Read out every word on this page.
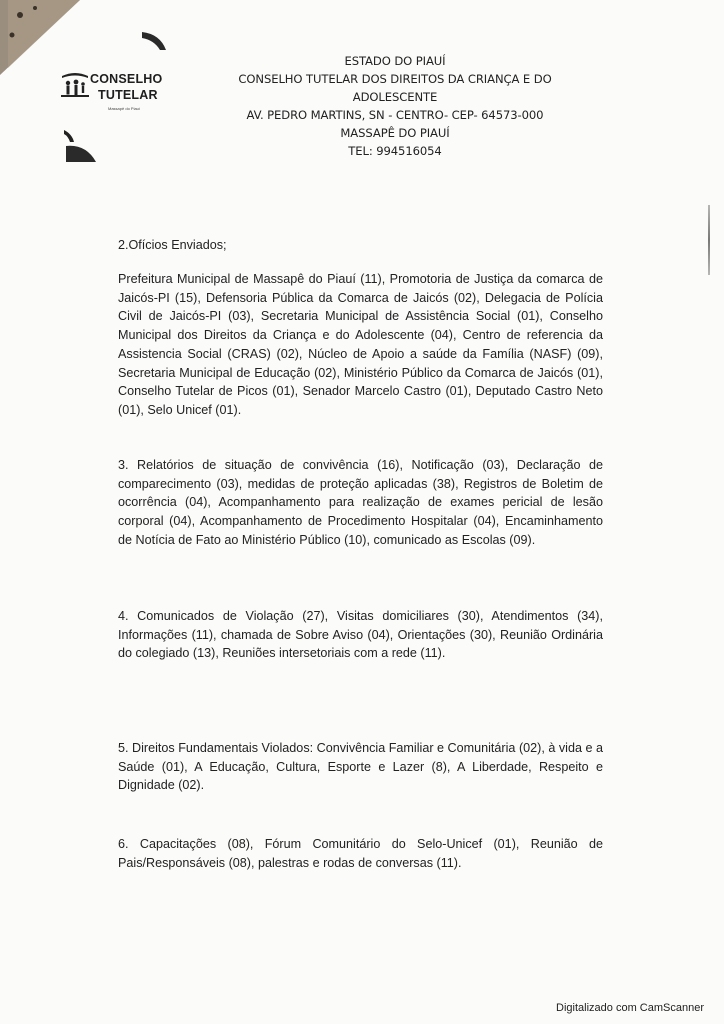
CONSELHO
TUTELAR
Massapê do Piauí
ESTADO DO PIAUÍ
CONSELHO TUTELAR DOS DIREITOS DA CRIANÇA E DO ADOLESCENTE
AV. PEDRO MARTINS, SN - CENTRO- CEP- 64573-000
MASSAPÊ DO PIAUÍ
TEL: 994516054
2.Ofícios Enviados;
Prefeitura Municipal de Massapê do Piauí (11), Promotoria de Justiça da comarca de Jaicós-PI (15), Defensoria Pública da Comarca de Jaicós (02), Delegacia de Polícia Civil de Jaicós-PI (03), Secretaria Municipal de Assistência Social (01), Conselho Municipal dos Direitos da Criança e do Adolescente (04), Centro de referencia da Assistencia Social (CRAS) (02), Núcleo de Apoio a saúde da Família (NASF) (09), Secretaria Municipal de Educação (02), Ministério Público da Comarca de Jaicós (01), Conselho Tutelar de Picos (01), Senador Marcelo Castro (01), Deputado Castro Neto (01), Selo Unicef (01).
3. Relatórios de situação de convivência (16), Notificação (03), Declaração de comparecimento (03), medidas de proteção aplicadas (38), Registros de Boletim de ocorrência (04), Acompanhamento para realização de exames pericial de lesão corporal (04), Acompanhamento de Procedimento Hospitalar (04), Encaminhamento de Notícia de Fato ao Ministério Público (10), comunicado as Escolas (09).
4. Comunicados de Violação (27), Visitas domiciliares (30), Atendimentos (34), Informações (11), chamada de Sobre Aviso (04), Orientações (30), Reunião Ordinária do colegiado (13), Reuniões intersetoriais com a rede (11).
5. Direitos Fundamentais Violados: Convivência Familiar e Comunitária (02), à vida e a Saúde (01), A Educação, Cultura, Esporte e Lazer (8), A Liberdade, Respeito e Dignidade (02).
6. Capacitações (08), Fórum Comunitário do Selo-Unicef (01), Reunião de Pais/Responsáveis (08), palestras e rodas de conversas (11).
Digitalizado com CamScanner
